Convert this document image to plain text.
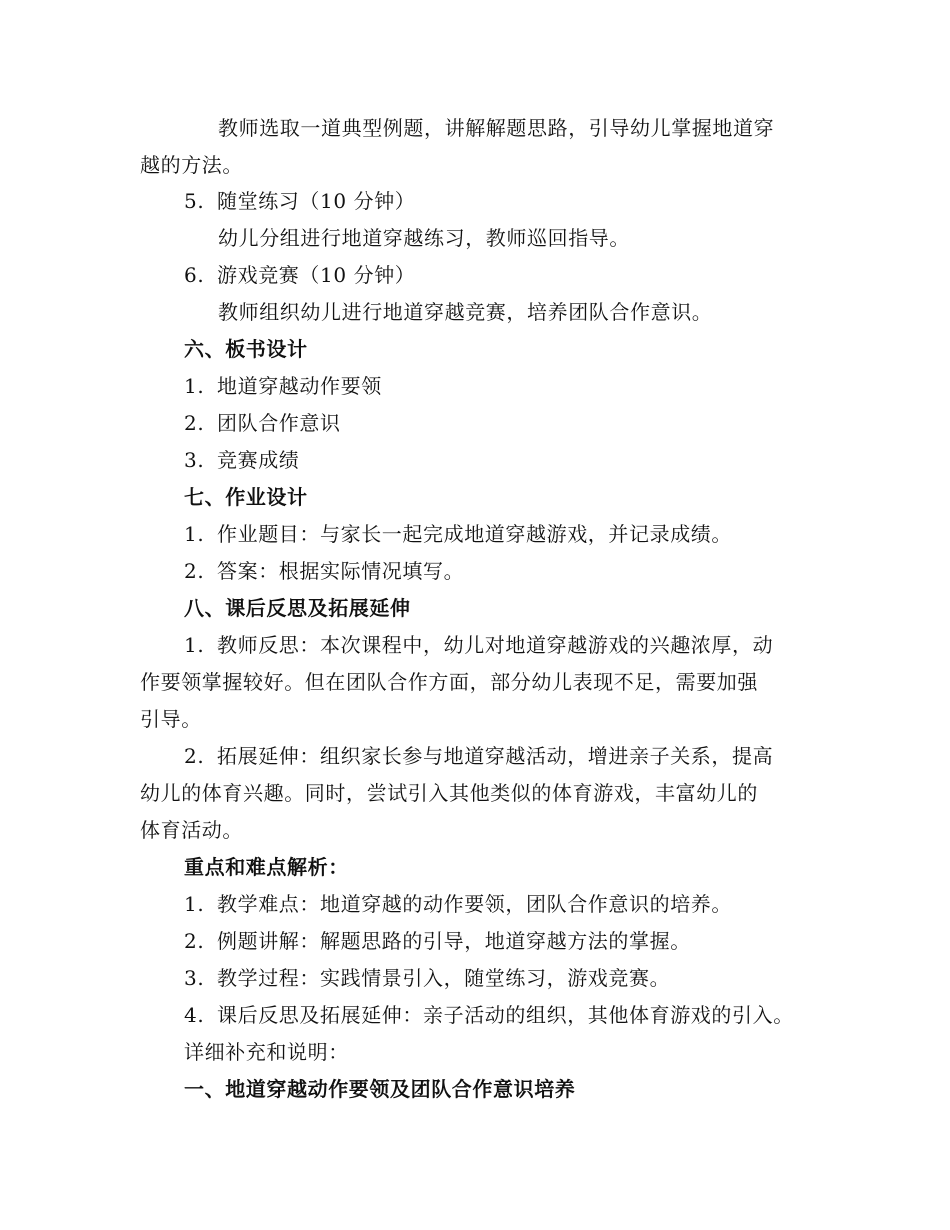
教师选取一道典型例题，讲解解题思路，引导幼儿掌握地道穿

越的方法。

5. 随堂练习（10 分钟）

幼儿分组进行地道穿越练习，教师巡回指导。

6. 游戏竞赛（10 分钟）

教师组织幼儿进行地道穿越竞赛，培养团队合作意识。

六、板书设计

1. 地道穿越动作要领

2. 团队合作意识

3. 竞赛成绩

七、作业设计

1. 作业题目：与家长一起完成地道穿越游戏，并记录成绩。

2. 答案：根据实际情况填写。

八、课后反思及拓展延伸

1. 教师反思：本次课程中，幼儿对地道穿越游戏的兴趣浓厚，动

作要领掌握较好。但在团队合作方面，部分幼儿表现不足，需要加强

引导。

2. 拓展延伸：组织家长参与地道穿越活动，增进亲子关系，提高

幼儿的体育兴趣。同时，尝试引入其他类似的体育游戏，丰富幼儿的

体育活动。

重点和难点解析：

1. 教学难点：地道穿越的动作要领，团队合作意识的培养。

2. 例题讲解：解题思路的引导，地道穿越方法的掌握。

3. 教学过程：实践情景引入，随堂练习，游戏竞赛。

4. 课后反思及拓展延伸：亲子活动的组织，其他体育游戏的引入。

详细补充和说明：

一、地道穿越动作要领及团队合作意识培养
